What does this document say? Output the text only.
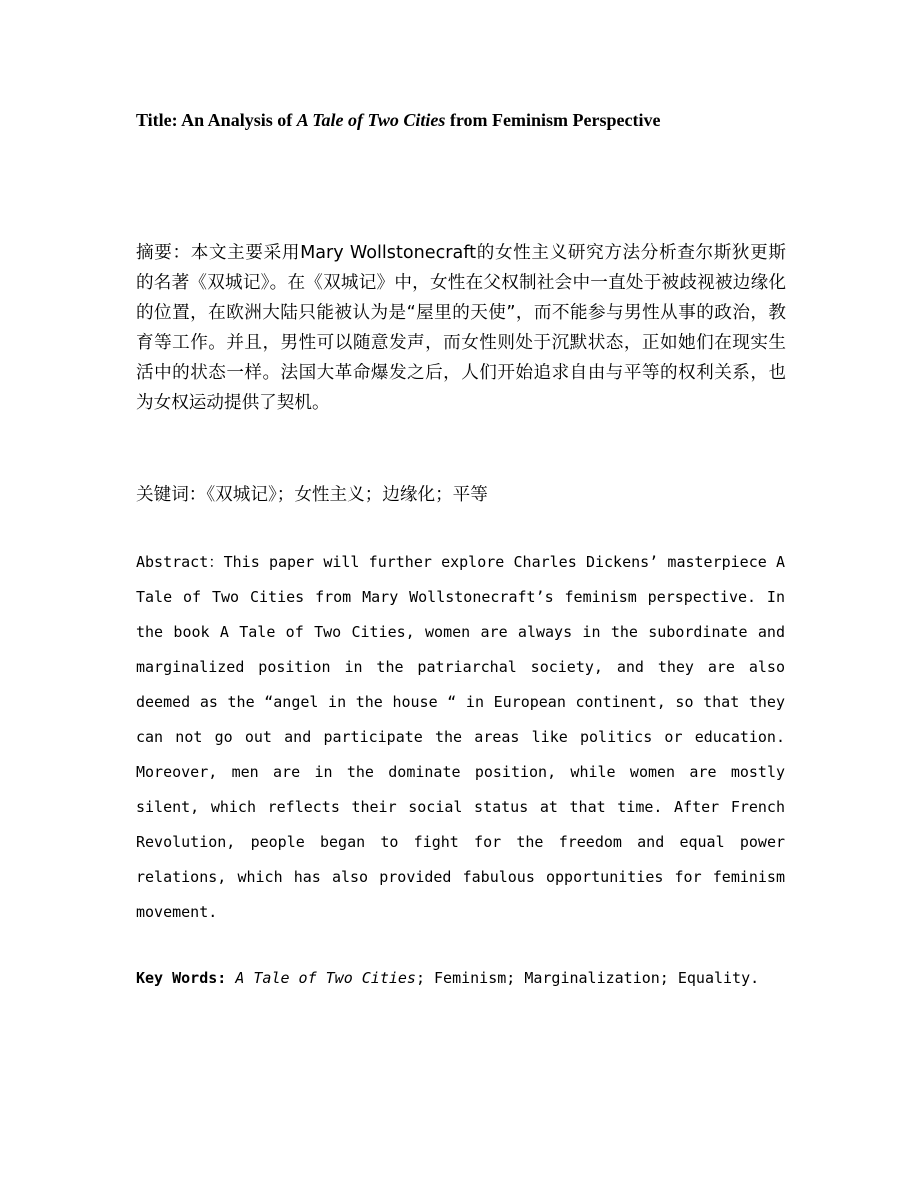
Title: An Analysis of A Tale of Two Cities from Feminism Perspective
摘要：本文主要采用Mary Wollstonecraft的女性主义研究方法分析查尔斯狄更斯的名著《双城记》。在《双城记》中，女性在父权制社会中一直处于被歧视被边缘化的位置，在欧洲大陆只能被认为是“屋里的天使”，而不能参与男性从事的政治，教育等工作。并且，男性可以随意发声，而女性则处于沉默状态，正如她们在现实生活中的状态一样。法国大革命爆发之后，人们开始追求自由与平等的权利关系，也为女权运动提供了契机。
关键词：《双城记》；女性主义；边缘化；平等
Abstract：This paper will further explore Charles Dickens’ masterpiece A Tale of Two Cities from Mary Wollstonecraft’s feminism perspective. In the book A Tale of Two Cities, women are always in the subordinate and marginalized position in the patriarchal society, and they are also deemed as the “angel in the house “ in European continent, so that they can not go out and participate the areas like politics or education. Moreover, men are in the dominate position, while women are mostly silent, which reflects their social status at that time. After French Revolution, people began to fight for the freedom and equal power relations, which has also provided fabulous opportunities for feminism movement.
Key Words: A Tale of Two Cities; Feminism; Marginalization; Equality.
